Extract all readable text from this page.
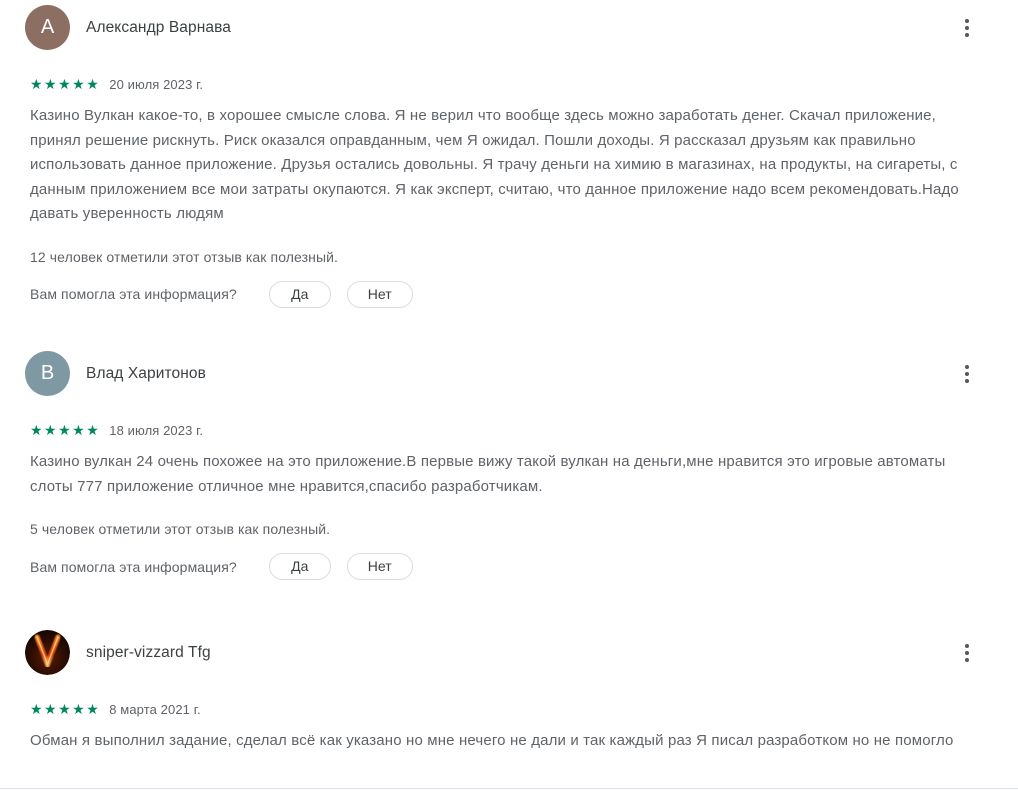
А Александр Варнава
★★★★★ 20 июля 2023 г.

Казино Вулкан какое-то, в хорошее смысле слова. Я не верил что вообще здесь можно заработать денег. Скачал приложение, принял решение рискнуть. Риск оказался оправданным, чем Я ожидал. Пошли доходы. Я рассказал друзьям как правильно использовать данное приложение. Друзья остались довольны. Я трачу деньги на химию в магазинах, на продукты, на сигареты, с данным приложением все мои затраты окупаются. Я как эксперт, считаю, что данное приложение надо всем рекомендовать.Надо давать уверенность людям

12 человек отметили этот отзыв как полезный.
Вам помогла эта информация?	Да	Нет
В Влад Харитонов
★★★★★ 18 июля 2023 г.

Казино вулкан 24 очень похожее на это приложение.В первые вижу такой вулкан на деньги,мне нравится это игровые автоматы слоты 777 приложение отличное мне нравится,спасибо разработчикам.

5 человек отметили этот отзыв как полезный.
Вам помогла эта информация?	Да	Нет
sniper-vizzard Tfg
★★★★★ 8 марта 2021 г.

Обман я выполнил задание, сделал всё как указано но мне нечего не дали и так каждый раз Я писал разработком но не помогло
